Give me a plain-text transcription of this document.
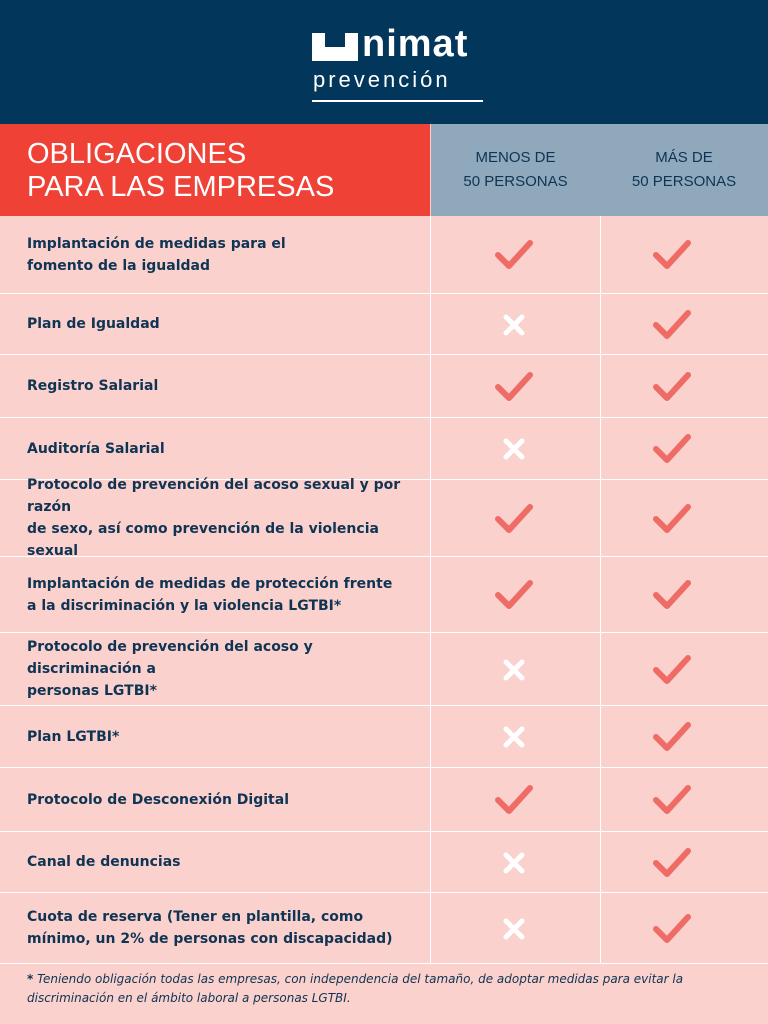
nimat
prevención
OBLIGACIONES
PARA LAS EMPRESAS
MENOS DE
50 PERSONAS
MÁS DE
50 PERSONAS
Implantación de medidas para el
fomento de la igualdad
Plan de Igualdad
Registro Salarial
Auditoría Salarial
Protocolo de prevención del acoso sexual y por razón
de sexo, así como prevención de la violencia sexual
Implantación de medidas de protección frente
a la discriminación y la violencia LGTBI*
Protocolo de prevención del acoso y discriminación a
personas LGTBI*
Plan LGTBI*
Protocolo de Desconexión Digital
Canal de denuncias
Cuota de reserva (Tener en plantilla, como
mínimo, un 2% de personas con discapacidad)
* Teniendo obligación todas las empresas, con independencia del tamaño, de adoptar medidas para evitar la discriminación en el ámbito laboral a personas LGTBI.
